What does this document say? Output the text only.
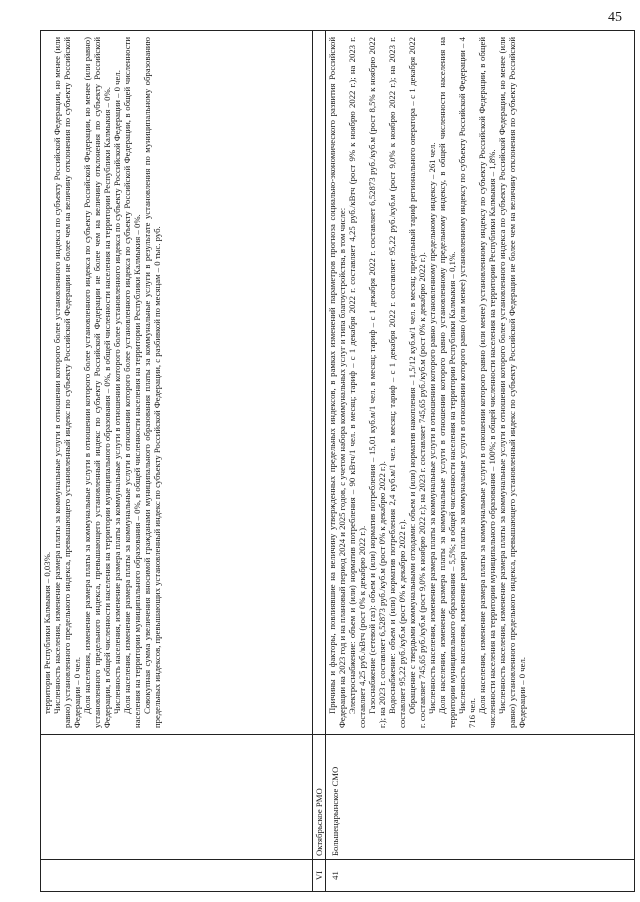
45

территории Республики Калмыкия – 0,03%. Численность населения, изменение размера платы за коммунальные услуги в отношении которого более установленного индекса по субъекту Российской Федерации, но менее (или равно) установленного предельного индекса, превышающего установленный индекс по субъекту Российской Федерации не более чем на величину отклонения по субъекту Российской Федерации – 0 чел. Доля населения, изменение размера платы за коммунальные услуги в отношении которого более установленного индекса по субъекту Российской Федерации, но менее (или равно) установленного предельного индекса, превышающего установленный индекс по субъекту Российской Федерации не более чем на величину отклонения по субъекту Российской Федерации, в общей численности населения на территории муниципального образования – 0%, в общей численности населения на территории Республики Калмыкия – 0%. Численность населения, изменение размера платы за коммунальные услуги в отношении которого более установленного индекса по субъекту Российской Федерации – 0 чел. Доля населения, изменение размера платы за коммунальные услуги в отношении которого более установленного индекса по субъекту Российской Федерации, в общей численности населения на территории муниципального образования – 0%, в общей численности населения на территории Республики Калмыкия – 0%. Совокупная сумма увеличения вносимой гражданами муниципального образования платы за коммунальные услуги в результате установления по муниципальному образованию предельных индексов, превышающих установленный индекс по субъекту Российской Федерации, с разбивкой по месяцам – 0 тыс. руб.

VI
Октябрьское РМО
41
Большецарынское СМО

Причины и факторы, повлиявшие на величину утвержденных предельных индексов, в рамках изменений параметров прогноза социально-экономического развития Российской Федерации на 2023 год и на плановый период 2024 и 2025 годов, с учетом набора коммунальных услуг и типа благоустройства, в том числе: Электроснабжение: объем и (или) норматив потребления – 90 кВтч/1 чел. в месяц; тариф – с 1 декабря 2022 г. составляет 4,25 руб./кВтч (рост 9% к ноябрю 2022 г.); на 2023 г. составляет 4,25 руб./кВтч (рост 0% к декабрю 2022 г.). Газоснабжение (сетевой газ): объем и (или) норматив потребления – 15,01 куб.м/1 чел. в месяц; тариф – с 1 декабря 2022 г. составляет 6,52873 руб./куб.м (рост 8,5% к ноябрю 2022 г.); на 2023 г. составляет 6,52873 руб./куб.м (рост 0% к декабрю 2022 г.). Водоснабжение: объем и (или) норматив потребления 2,4 куб.м/1 чел. в месяц; тариф – с 1 декабря 2022 г. составляет 95,22 руб./куб.м (рост 9,0% к ноябрю 2022 г.); на 2023 г. составляет 95,22 руб./куб.м (рост 0% к декабрю 2022 г.). Обращение с твердыми коммунальными отходами: объем и (или) норматив накопления – 1,5/12 куб.м/1 чел. в месяц; предельный тариф регионального оператора – с 1 декабря 2022 г. составляет 745,65 руб./куб.м (рост 9,0% к ноябрю 2022 г.); на 2023 г. составляет 745,65 руб./куб.м (рост 0% к декабрю 2022 г.). Численность населения, изменение размера платы за коммунальные услуги в отношении которого равно установленному предельному индексу – 261 чел. Доля населения, изменение размера платы за коммунальные услуги в отношении которого равно установленному предельному индексу, в общей численности населения на территории муниципального образования – 5,5%; в общей численности населения на территории Республики Калмыкия – 0,1%. Численность населения, изменение размера платы за коммунальные услуги в отношении которого равно (или менее) установленному индексу по субъекту Российской Федерации – 4 716 чел. Доля населения, изменение размера платы за коммунальные услуги в отношении которого равно (или менее) установленному индексу по субъекту Российской Федерации, в общей численности населения на территории муниципального образования – 100%; в общей численности населения на территории Республики Калмыкия – 1,8%. Численность населения, изменение размера платы за коммунальные услуги в отношении которого более установленного индекса по субъекту Российской Федерации, но менее (или равно) установленного предельного индекса, превышающего установленный индекс по субъекту Российской Федерации не более чем на величину отклонения по субъекту Российской Федерации – 0 чел.
